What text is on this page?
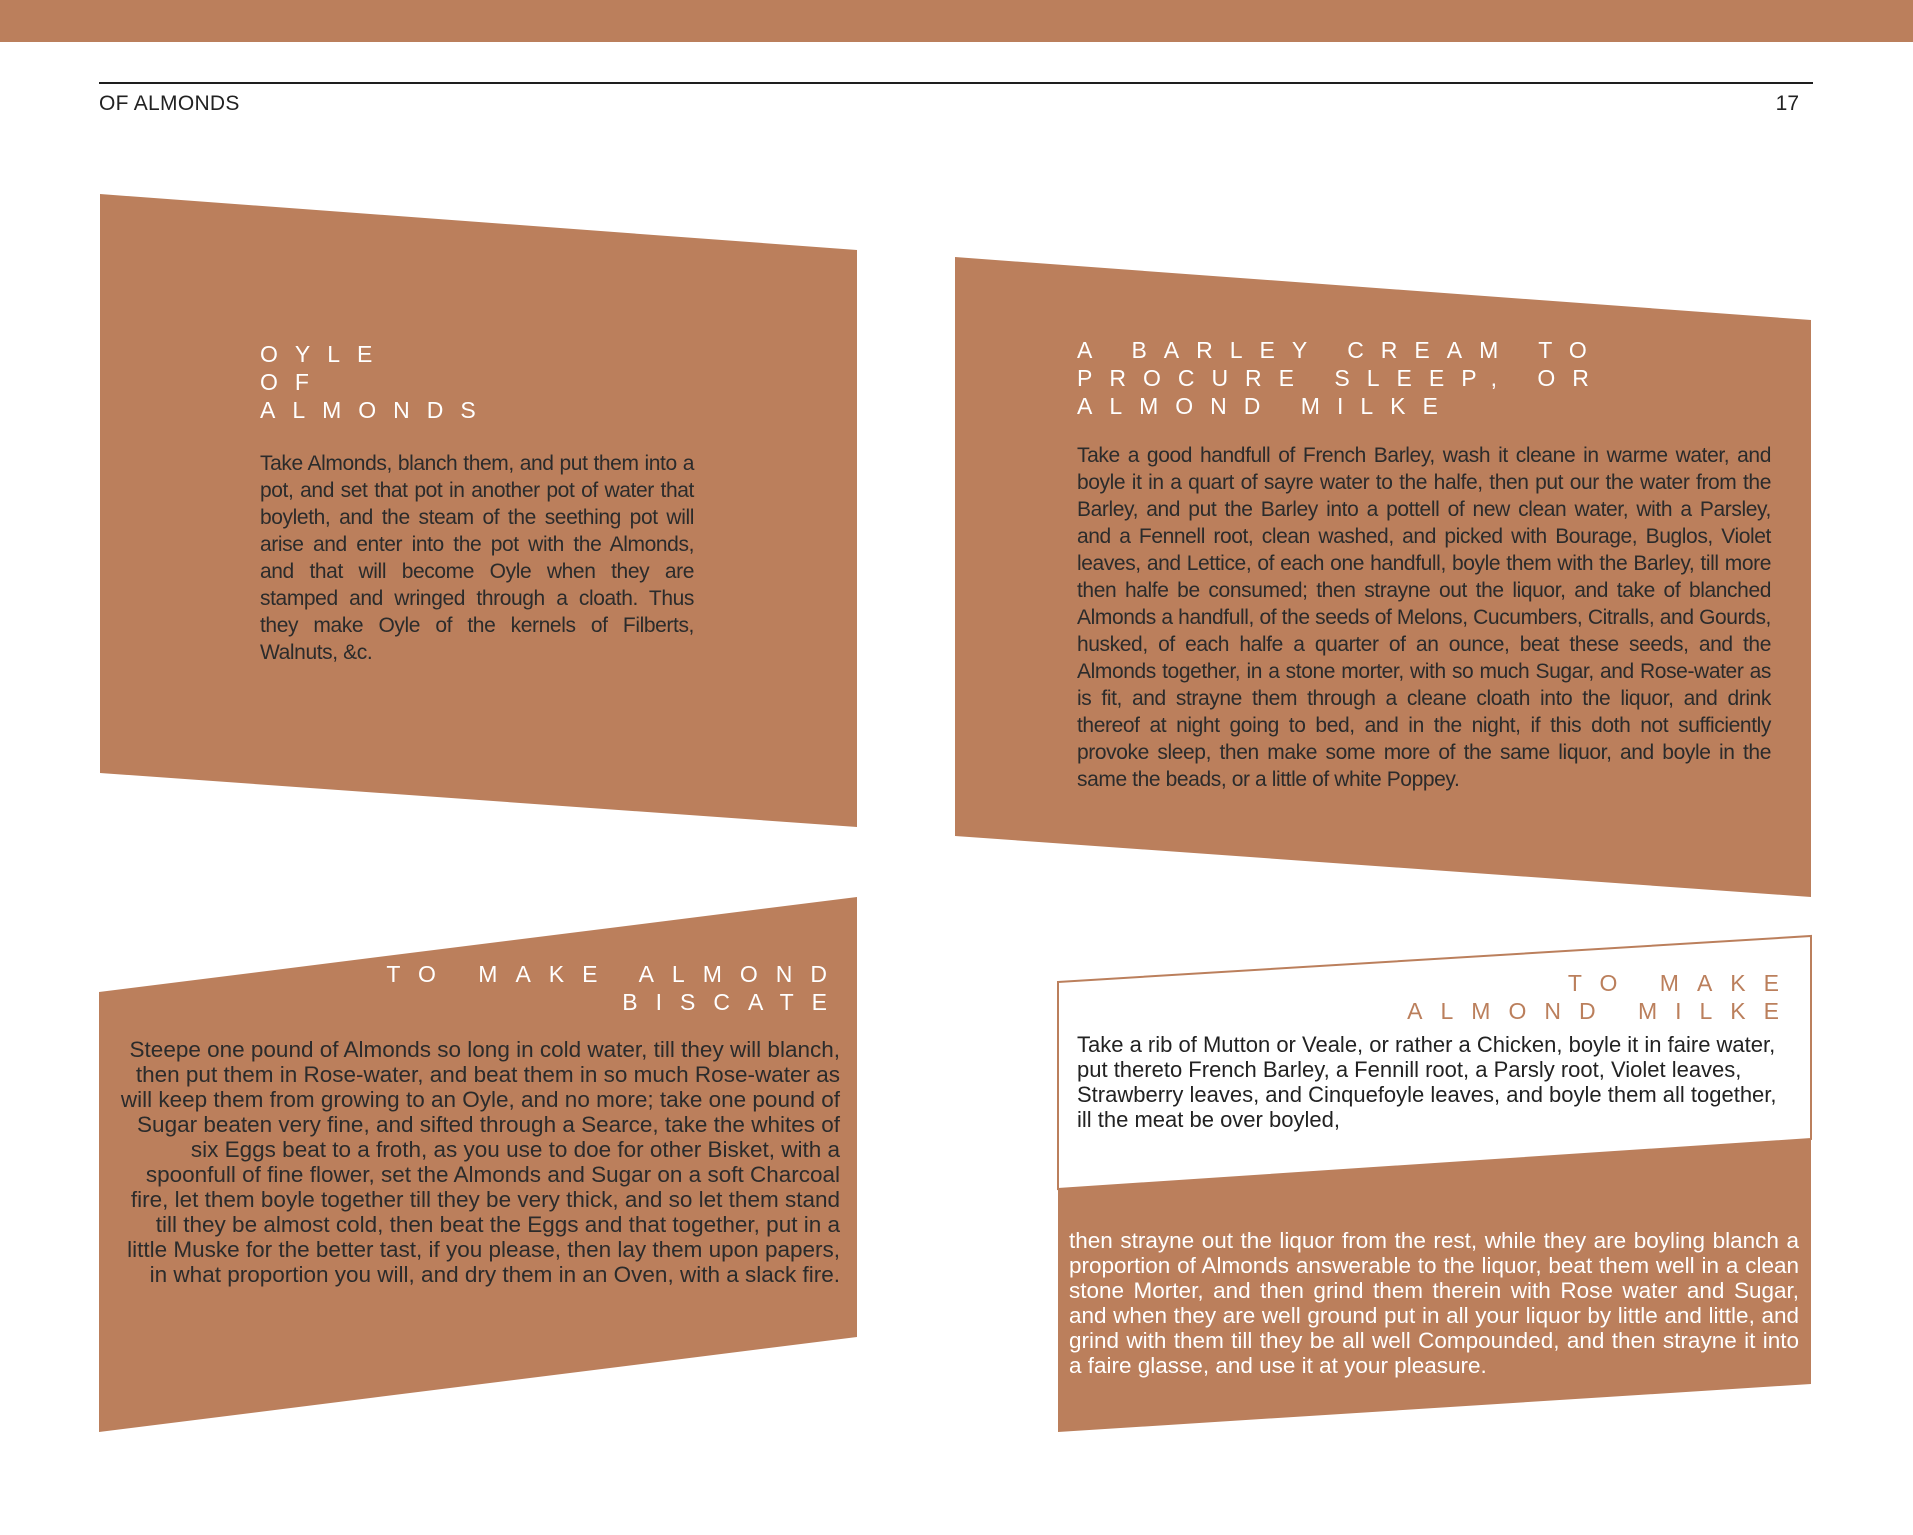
OF ALMONDS	17
OYLE
OF
ALMONDS
Take Almonds, blanch them, and put them into a pot, and set that pot in another pot of water that boyleth, and the steam of the seething pot will arise and enter into the pot with the Almonds, and that will become Oyle when they are stamped and wringed through a cloath. Thus they make Oyle of the kernels of Filberts, Walnuts, &c.
A BARLEY CREAM TO
PROCURE SLEEP, OR
ALMOND MILKE
Take a good handfull of French Barley, wash it cleane in warme water, and boyle it in a quart of sayre water to the halfe, then put our the water from the Barley, and put the Barley into a pottell of new clean water, with a Parsley, and a Fennell root, clean washed, and picked with Bourage, Buglos, Violet leaves, and Lettice, of each one handfull, boyle them with the Barley, till more then halfe be consumed; then strayne out the liquor, and take of blanched Almonds a handfull, of the seeds of Melons, Cucumbers, Citralls, and Gourds, husked, of each halfe a quarter of an ounce, beat these seeds, and the Almonds together, in a stone morter, with so much Sugar, and Rose-water as is fit, and strayne them through a cleane cloath into the liquor, and drink thereof at night going to bed, and in the night, if this doth not sufficiently provoke sleep, then make some more of the same liquor, and boyle in the same the beads, or a little of white Poppey.
TO MAKE ALMOND
BISCATE
Steepe one pound of Almonds so long in cold water, till they will blanch, then put them in Rose-water, and beat them in so much Rose-water as will keep them from growing to an Oyle, and no more; take one pound of Sugar beaten very fine, and sifted through a Searce, take the whites of six Eggs beat to a froth, as you use to doe for other Bisket, with a spoonfull of fine flower, set the Almonds and Sugar on a soft Charcoal fire, let them boyle together till they be very thick, and so let them stand till they be almost cold, then beat the Eggs and that together, put in a little Muske for the better tast, if you please, then lay them upon papers, in what proportion you will, and dry them in an Oven, with a slack fire.
TO MAKE
ALMOND MILKE
Take a rib of Mutton or Veale, or rather a Chicken, boyle it in faire water, put thereto French Barley, a Fennill root, a Parsly root, Violet leaves, Strawberry leaves, and Cinquefoyle leaves, and boyle them all together, ill the meat be over boyled,
then strayne out the liquor from the rest, while they are boyling blanch a proportion of Almonds answerable to the liquor, beat them well in a clean stone Morter, and then grind them therein with Rose water and Sugar, and when they are well ground put in all your liquor by little and little, and grind with them till they be all well Compounded, and then strayne it into a faire glasse, and use it at your pleasure.
